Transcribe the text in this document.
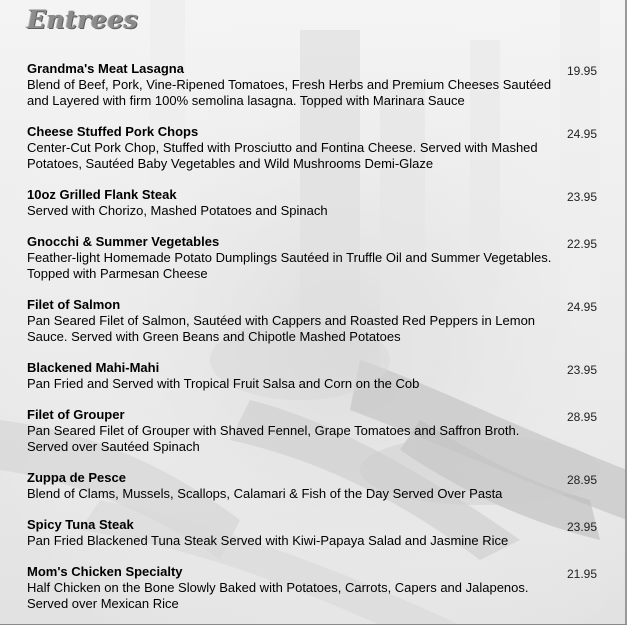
Entrees
Grandma's Meat Lasagna
Blend of Beef, Pork, Vine-Ripened Tomatoes, Fresh Herbs and Premium Cheeses Sautéed and Layered with firm 100% semolina lasagna. Topped with Marinara Sauce
19.95
Cheese Stuffed Pork Chops
Center-Cut Pork Chop, Stuffed with Prosciutto and Fontina Cheese. Served with Mashed Potatoes, Sautéed Baby Vegetables and Wild Mushrooms Demi-Glaze
24.95
10oz Grilled Flank Steak
Served with Chorizo, Mashed Potatoes and Spinach
23.95
Gnocchi & Summer Vegetables
Feather-light Homemade Potato Dumplings Sautéed in Truffle Oil and Summer Vegetables. Topped with Parmesan Cheese
22.95
Filet of Salmon
Pan Seared Filet of Salmon, Sautéed with Cappers and Roasted Red Peppers in Lemon Sauce. Served with Green Beans and Chipotle Mashed Potatoes
24.95
Blackened Mahi-Mahi
Pan Fried and Served with Tropical Fruit Salsa and Corn on the Cob
23.95
Filet of Grouper
Pan Seared Filet of Grouper with Shaved Fennel, Grape Tomatoes and Saffron Broth. Served over Sautéed Spinach
28.95
Zuppa de Pesce
Blend of Clams, Mussels, Scallops, Calamari & Fish of the Day Served Over Pasta
28.95
Spicy Tuna Steak
Pan Fried Blackened Tuna Steak Served with Kiwi-Papaya Salad and Jasmine Rice
23.95
Mom's Chicken Specialty
Half Chicken on the Bone Slowly Baked with Potatoes, Carrots, Capers and Jalapenos. Served over Mexican Rice
21.95
